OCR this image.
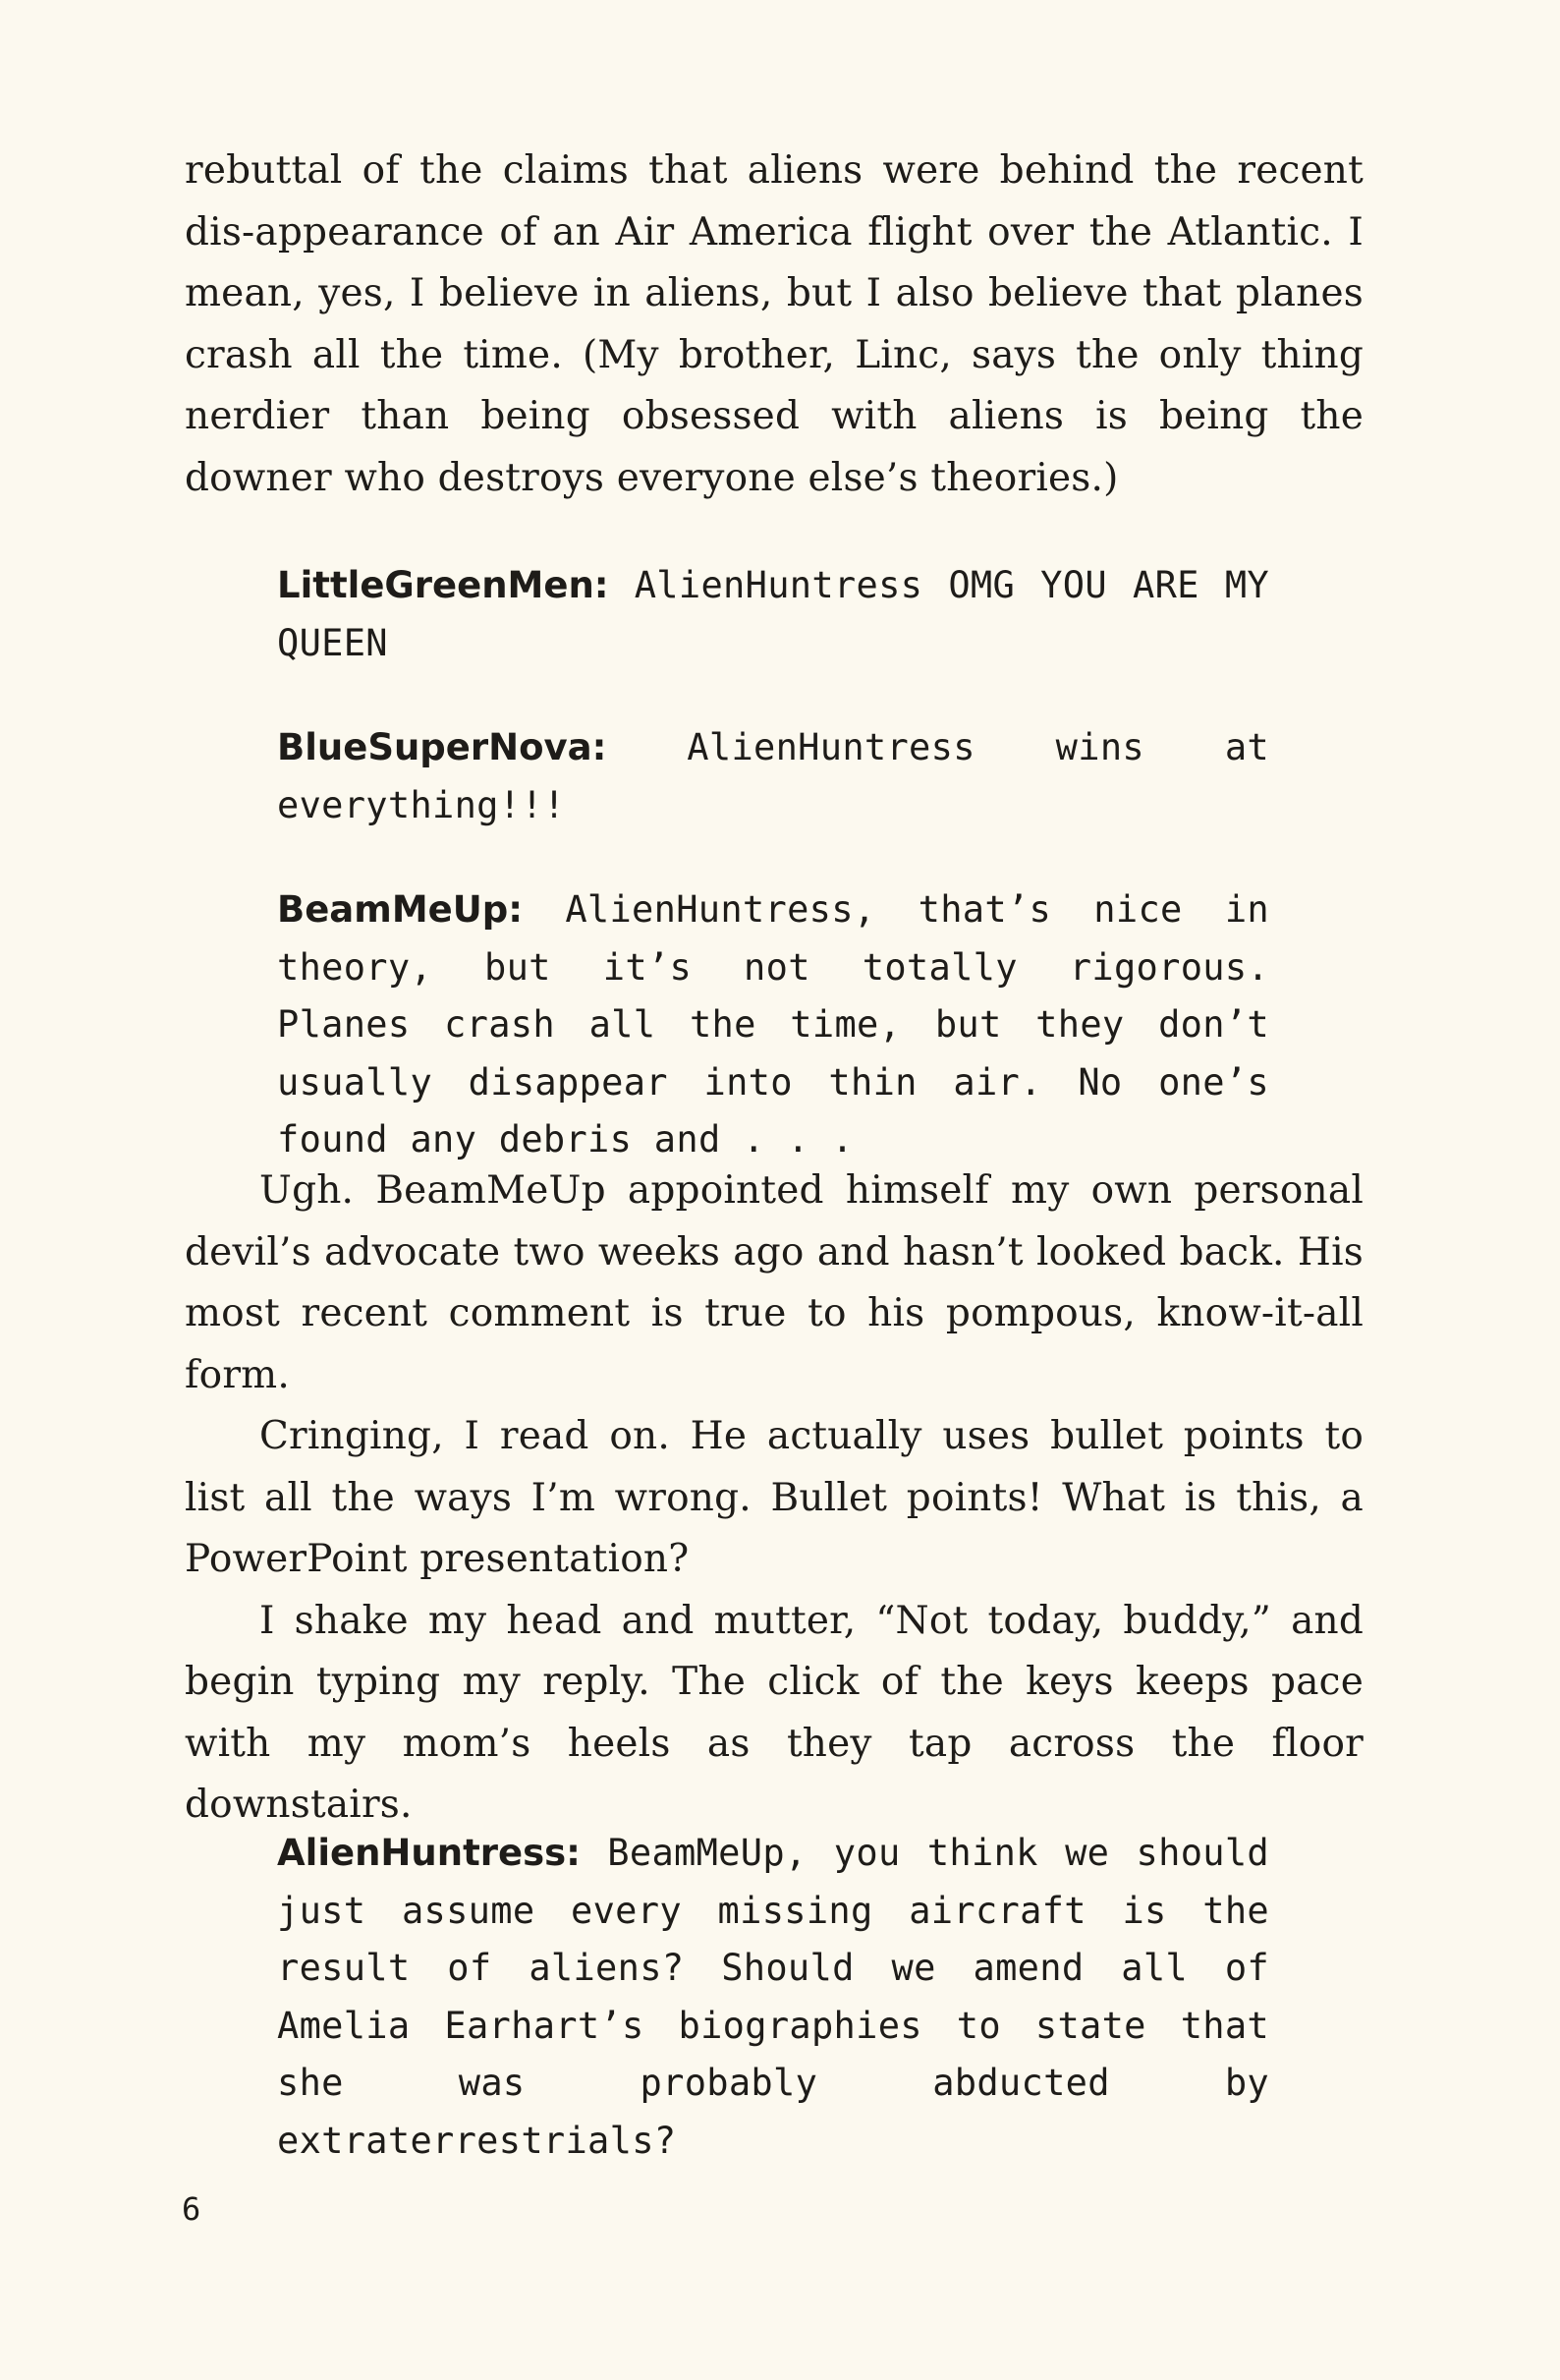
rebuttal of the claims that aliens were behind the recent dis-appearance of an Air America flight over the Atlantic. I mean, yes, I believe in aliens, but I also believe that planes crash all the time. (My brother, Linc, says the only thing nerdier than being obsessed with aliens is being the downer who destroys everyone else’s theories.)

LittleGreenMen: AlienHuntress OMG YOU ARE MY QUEEN

BlueSuperNova: AlienHuntress wins at everything!!!

BeamMeUp: AlienHuntress, that’s nice in theory, but it’s not totally rigorous. Planes crash all the time, but they don’t usually disappear into thin air. No one’s found any debris and . . .

Ugh. BeamMeUp appointed himself my own personal devil’s advocate two weeks ago and hasn’t looked back. His most recent comment is true to his pompous, know-it-all form.

Cringing, I read on. He actually uses bullet points to list all the ways I’m wrong. Bullet points! What is this, a PowerPoint presentation?

I shake my head and mutter, “Not today, buddy,” and begin typing my reply. The click of the keys keeps pace with my mom’s heels as they tap across the floor downstairs.

AlienHuntress: BeamMeUp, you think we should just assume every missing aircraft is the result of aliens? Should we amend all of Amelia Earhart’s biographies to state that she was probably abducted by extraterrestrials?

6
